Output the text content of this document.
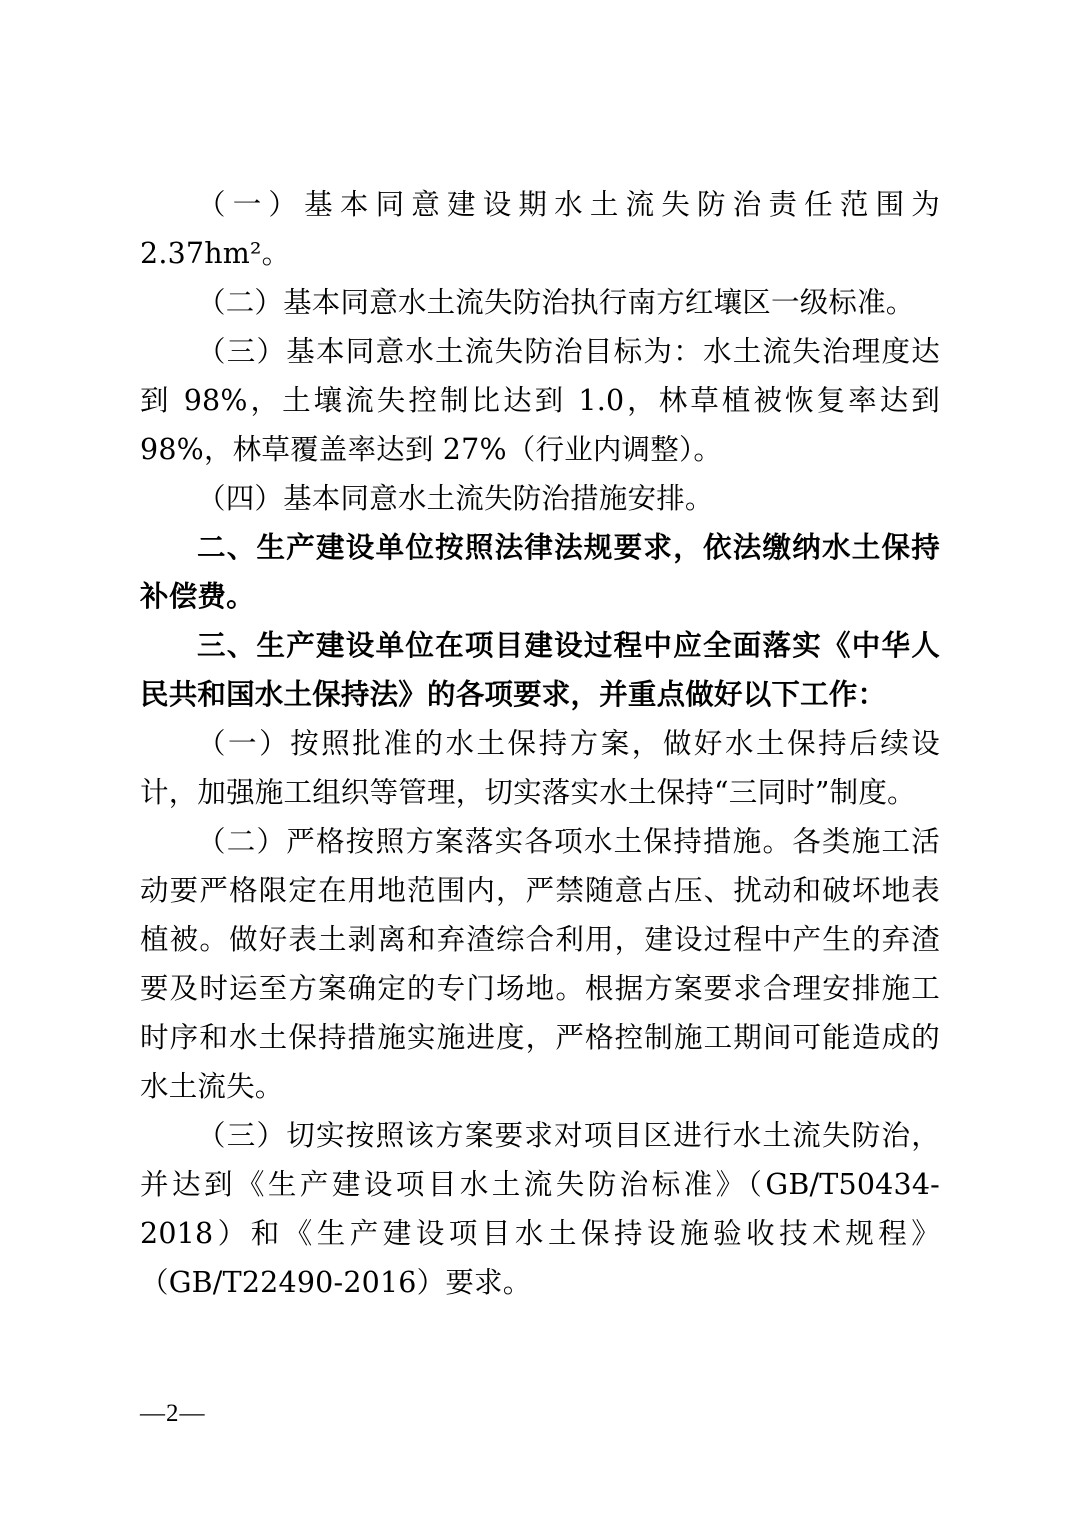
（一）基本同意建设期水土流失防治责任范围为 2.37hm²。

（二）基本同意水土流失防治执行南方红壤区一级标准。

（三）基本同意水土流失防治目标为：水土流失治理度达到 98%，土壤流失控制比达到 1.0，林草植被恢复率达到 98%，林草覆盖率达到 27%（行业内调整）。

（四）基本同意水土流失防治措施安排。

二、生产建设单位按照法律法规要求，依法缴纳水土保持补偿费。

三、生产建设单位在项目建设过程中应全面落实《中华人民共和国水土保持法》的各项要求，并重点做好以下工作：

（一）按照批准的水土保持方案，做好水土保持后续设计，加强施工组织等管理，切实落实水土保持“三同时”制度。

（二）严格按照方案落实各项水土保持措施。各类施工活动要严格限定在用地范围内，严禁随意占压、扰动和破坏地表植被。做好表土剥离和弃渣综合利用，建设过程中产生的弃渣要及时运至方案确定的专门场地。根据方案要求合理安排施工时序和水土保持措施实施进度，严格控制施工期间可能造成的水土流失。

（三）切实按照该方案要求对项目区进行水土流失防治，并达到《生产建设项目水土流失防治标准》（GB/T50434-2018）和《生产建设项目水土保持设施验收技术规程》（GB/T22490-2016）要求。

—2—
